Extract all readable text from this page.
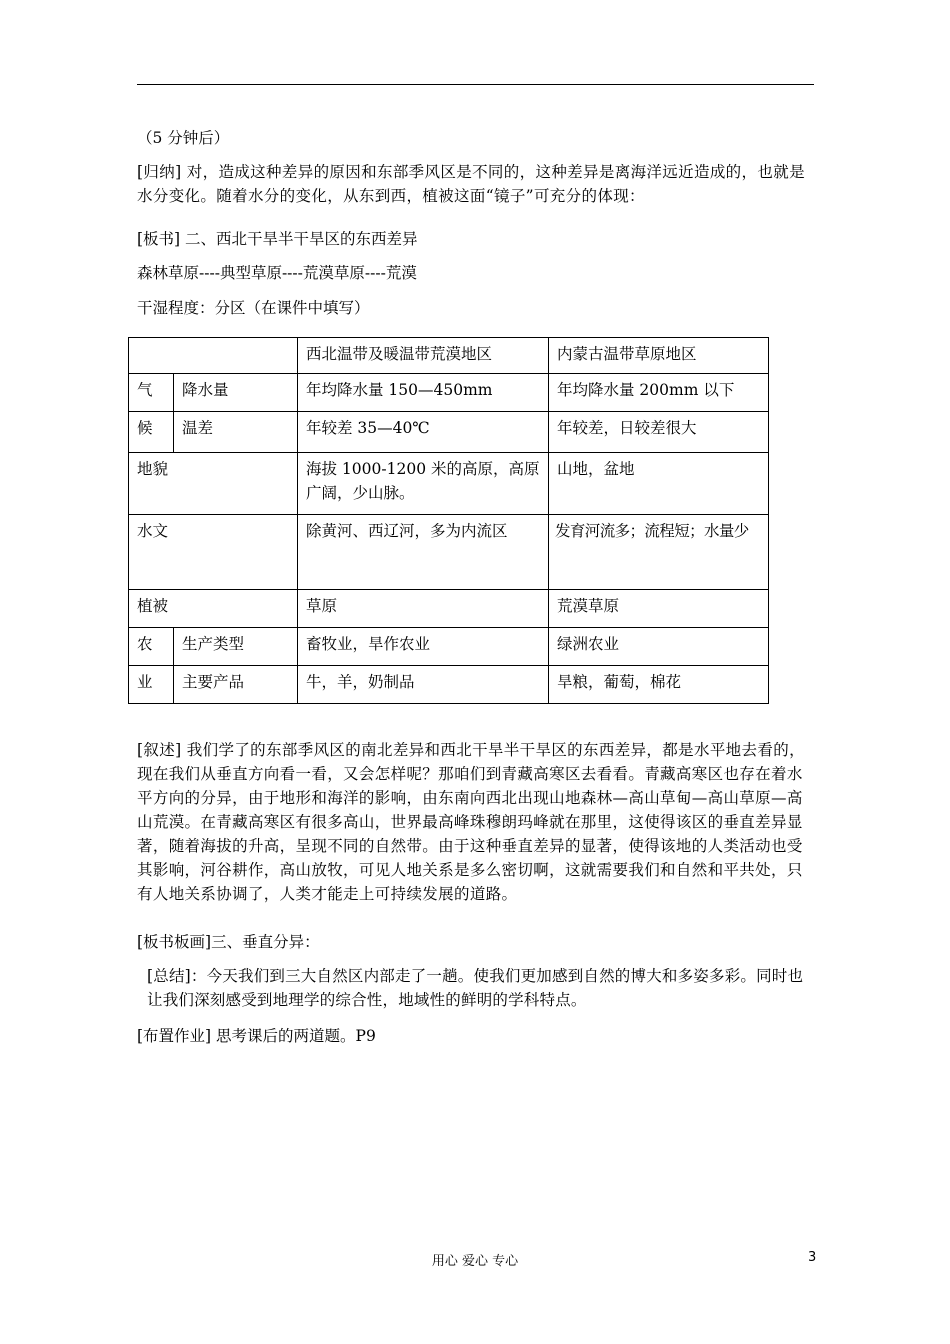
（5 分钟后）

[归纳] 对，造成这种差异的原因和东部季风区是不同的，这种差异是离海洋远近造成的，也就是水分变化。随着水分的变化，从东到西，植被这面“镜子”可充分的体现：

[板书] 二、西北干旱半干旱区的东西差异

森林草原----典型草原----荒漠草原----荒漠

干湿程度：分区（在课件中填写）

		西北温带及暖温带荒漠地区	内蒙古温带草原地区
气	降水量	年均降水量 150—450mm	年均降水量 200mm 以下
候	温差	年较差 35—40℃	年较差，日较差很大
地貌		海拔 1000-1200 米的高原，高原广阔，少山脉。	山地，盆地
水文		除黄河、西辽河，多为内流区	发育河流多；流程短；水量少
植被		草原	荒漠草原
农	生产类型	畜牧业，旱作农业	绿洲农业
业	主要产品	牛，羊，奶制品	旱粮，葡萄，棉花

[叙述] 我们学了的东部季风区的南北差异和西北干旱半干旱区的东西差异，都是水平地去看的，现在我们从垂直方向看一看，又会怎样呢？那咱们到青藏高寒区去看看。青藏高寒区也存在着水平方向的分异，由于地形和海洋的影响，由东南向西北出现山地森林—高山草甸—高山草原—高山荒漠。在青藏高寒区有很多高山，世界最高峰珠穆朗玛峰就在那里，这使得该区的垂直差异显著，随着海拔的升高，呈现不同的自然带。由于这种垂直差异的显著，使得该地的人类活动也受其影响，河谷耕作，高山放牧，可见人地关系是多么密切啊，这就需要我们和自然和平共处，只有人地关系协调了，人类才能走上可持续发展的道路。

[板书板画]三、垂直分异：

[总结]：今天我们到三大自然区内部走了一趟。使我们更加感到自然的博大和多姿多彩。同时也让我们深刻感受到地理学的综合性，地域性的鲜明的学科特点。

[布置作业] 思考课后的两道题。P9

用心 爱心 专心	3
